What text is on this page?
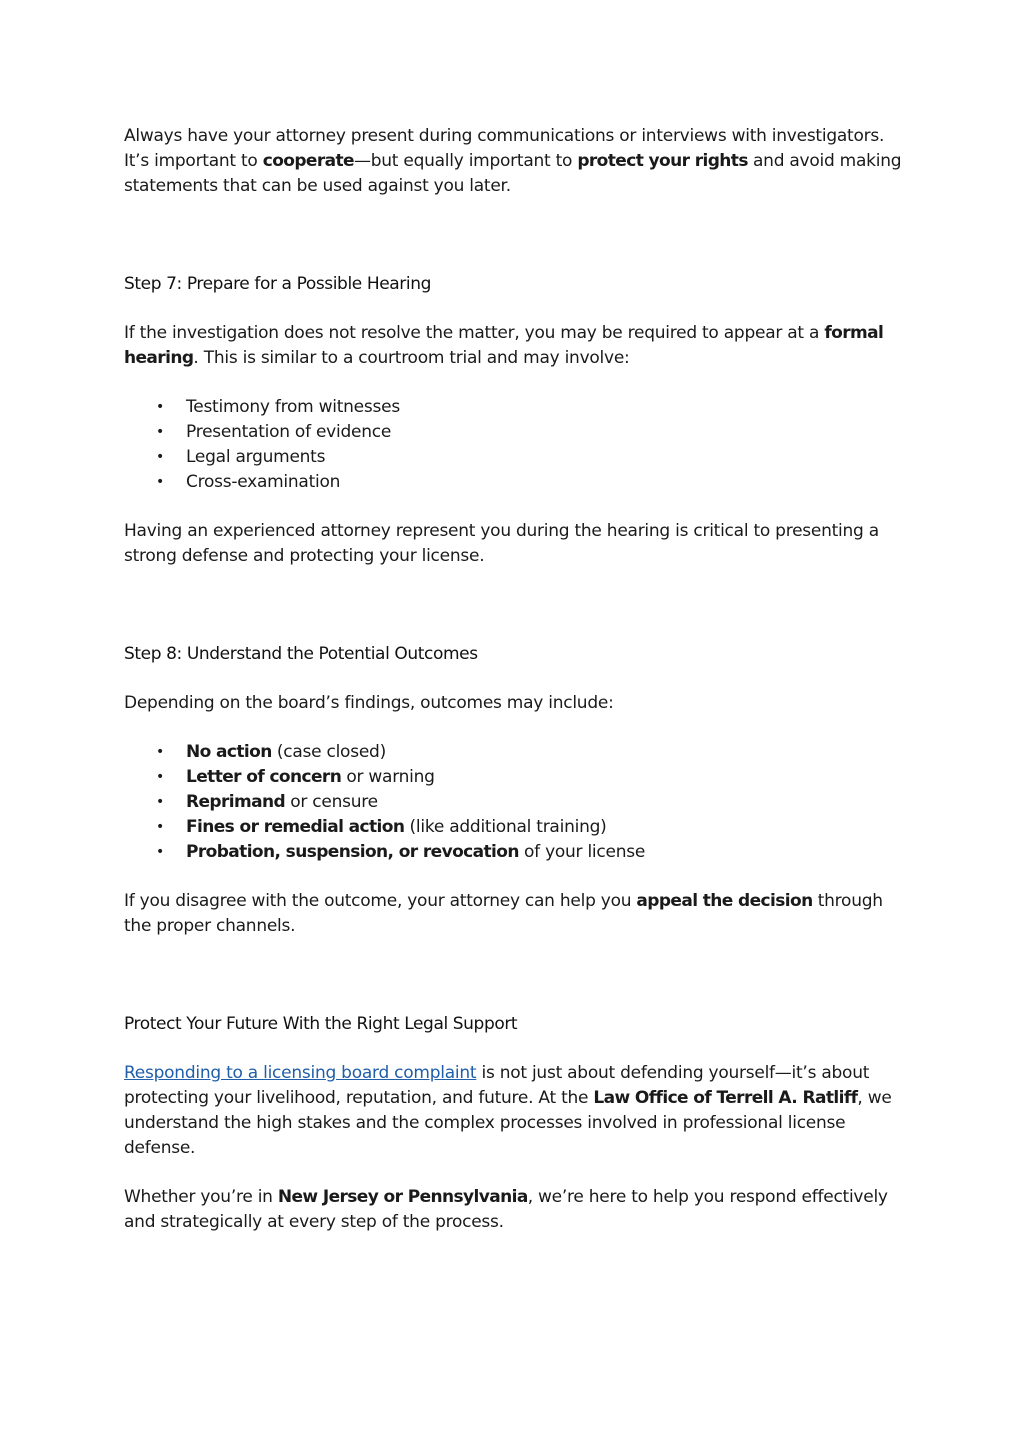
Always have your attorney present during communications or interviews with investigators.
It’s important to cooperate—but equally important to protect your rights and avoid making statements that can be used against you later.

Step 7: Prepare for a Possible Hearing

If the investigation does not resolve the matter, you may be required to appear at a formal hearing. This is similar to a courtroom trial and may involve:

• Testimony from witnesses
• Presentation of evidence
• Legal arguments
• Cross-examination

Having an experienced attorney represent you during the hearing is critical to presenting a strong defense and protecting your license.

Step 8: Understand the Potential Outcomes

Depending on the board’s findings, outcomes may include:

• No action (case closed)
• Letter of concern or warning
• Reprimand or censure
• Fines or remedial action (like additional training)
• Probation, suspension, or revocation of your license

If you disagree with the outcome, your attorney can help you appeal the decision through the proper channels.

Protect Your Future With the Right Legal Support

Responding to a licensing board complaint is not just about defending yourself—it’s about protecting your livelihood, reputation, and future. At the Law Office of Terrell A. Ratliff, we understand the high stakes and the complex processes involved in professional license defense.

Whether you’re in New Jersey or Pennsylvania, we’re here to help you respond effectively and strategically at every step of the process.
